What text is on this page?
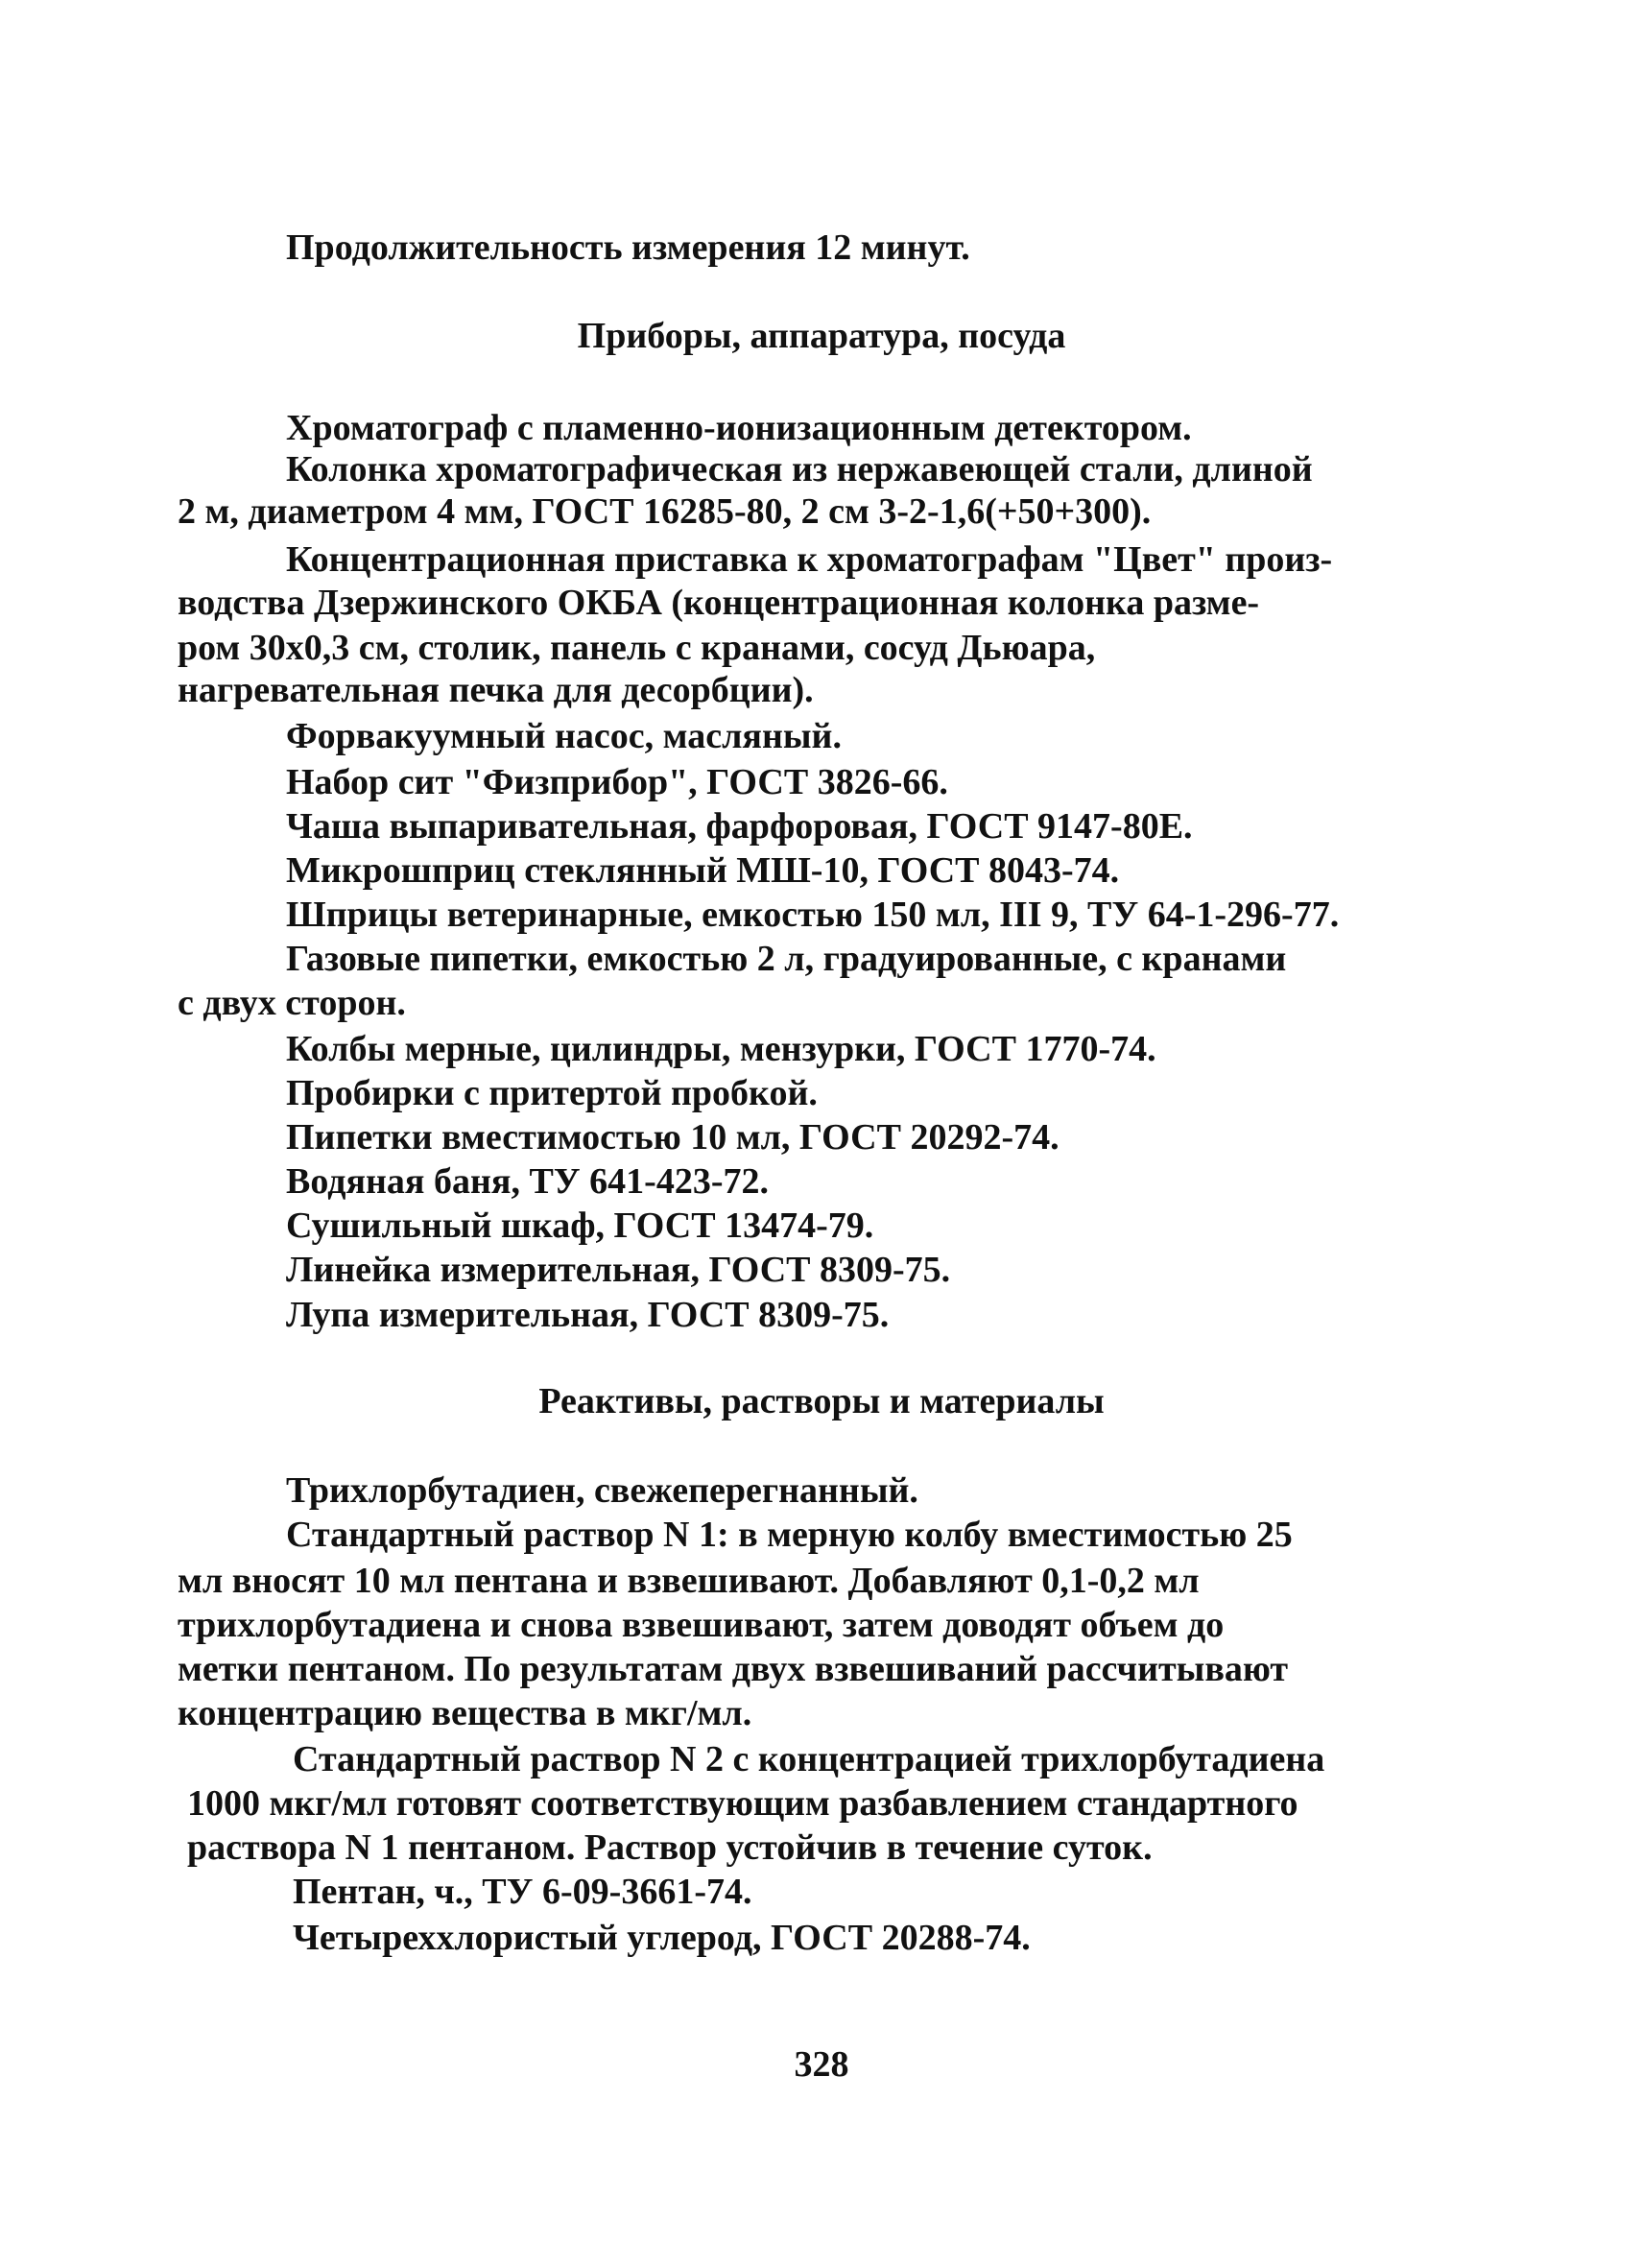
Продолжительность измерения 12 минут.
Приборы, аппаратура, посуда
Хроматограф с пламенно-ионизационным детектором.
Колонка хроматографическая из нержавеющей стали, длиной
2 м, диаметром 4 мм, ГОСТ 16285-80, 2 см 3-2-1,6(+50+300).
Концентрационная приставка к хроматографам "Цвет" произ-
водства Дзержинского ОКБА (концентрационная колонка разме-
ром 30х0,3 см, столик, панель с кранами, сосуд Дьюара,
нагревательная печка для десорбции).
Форвакуумный насос, масляный.
Набор сит "Физприбор", ГОСТ 3826-66.
Чаша выпаривательная, фарфоровая, ГОСТ 9147-80Е.
Микрошприц стеклянный МШ-10, ГОСТ 8043-74.
Шприцы ветеринарные, емкостью 150 мл, III 9, ТУ 64-1-296-77.
Газовые пипетки, емкостью 2 л, градуированные, с кранами
с двух сторон.
Колбы мерные, цилиндры, мензурки, ГОСТ 1770-74.
Пробирки с притертой пробкой.
Пипетки вместимостью 10 мл, ГОСТ 20292-74.
Водяная баня, ТУ 641-423-72.
Сушильный шкаф, ГОСТ 13474-79.
Линейка измерительная, ГОСТ 8309-75.
Лупа измерительная, ГОСТ 8309-75.
Реактивы, растворы и материалы
Трихлорбутадиен, свежеперегнанный.
Стандартный раствор N 1: в мерную колбу вместимостью 25
мл вносят 10 мл пентана и взвешивают. Добавляют 0,1-0,2 мл
трихлорбутадиена и снова взвешивают, затем доводят объем до
метки пентаном. По результатам двух взвешиваний рассчитывают
концентрацию вещества в мкг/мл.
Стандартный раствор N 2 с концентрацией трихлорбутадиена
1000 мкг/мл готовят соответствующим разбавлением стандартного
раствора N 1 пентаном. Раствор устойчив в течение суток.
Пентан, ч., ТУ 6-09-3661-74.
Четыреххлористый углерод, ГОСТ 20288-74.
328
